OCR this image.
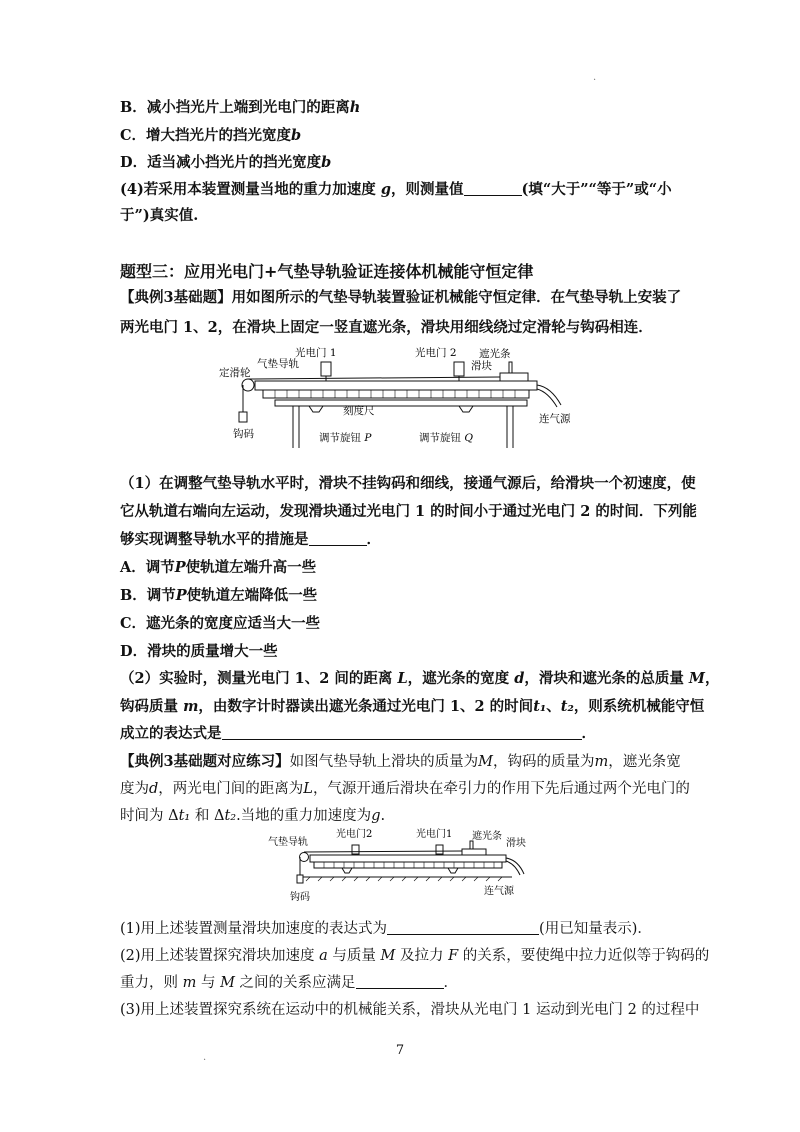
.
B．减小挡光片上端到光电门的距离h
C．增大挡光片的挡光宽度b
D．适当减小挡光片的挡光宽度b
(4)若采用本装置测量当地的重力加速度 g，则测量值	(填“大于”“等于”或“小
于”)真实值.
题型三：应用光电门+气垫导轨验证连接体机械能守恒定律
【典例3基础题】用如图所示的气垫导轨装置验证机械能守恒定律．在气垫导轨上安装了
两光电门 1、2，在滑块上固定一竖直遮光条，滑块用细线绕过定滑轮与钩码相连．
定滑轮
气垫导轨
光电门 1	光电门 2 遮光条
滑块
刻度尺
连气源
钩码	调节旋钮 P	调节旋钮 Q
（1）在调整气垫导轨水平时，滑块不挂钩码和细线，接通气源后，给滑块一个初速度，使
它从轨道右端向左运动，发现滑块通过光电门 1 的时间小于通过光电门 2 的时间．下列能
够实现调整导轨水平的措施是	．
A．调节P使轨道左端升高一些
B．调节P使轨道左端降低一些
C．遮光条的宽度应适当大一些
D．滑块的质量增大一些
（2）实验时，测量光电门 1、2 间的距离 L，遮光条的宽度 d，滑块和遮光条的总质量 M，
钩码质量 m，由数字计时器读出遮光条通过光电门 1、2 的时间t₁、t₂，则系统机械能守恒
成立的表达式是	．
【典例3基础题对应练习】如图气垫导轨上滑块的质量为M，钩码的质量为m，遮光条宽
度为d，两光电门间的距离为L，气源开通后滑块在牵引力的作用下先后通过两个光电门的
时间为 Δt₁ 和 Δt₂.当地的重力加速度为g.
气垫导轨
光电门2	光电门1 遮光条
滑块
连气源
钩码
(1)用上述装置测量滑块加速度的表达式为	(用已知量表示)．
(2)用上述装置探究滑块加速度 a 与质量 M 及拉力 F 的关系，要使绳中拉力近似等于钩码的
重力，则 m 与 M 之间的关系应满足	．
(3)用上述装置探究系统在运动中的机械能关系，滑块从光电门 1 运动到光电门 2 的过程中
7
.
